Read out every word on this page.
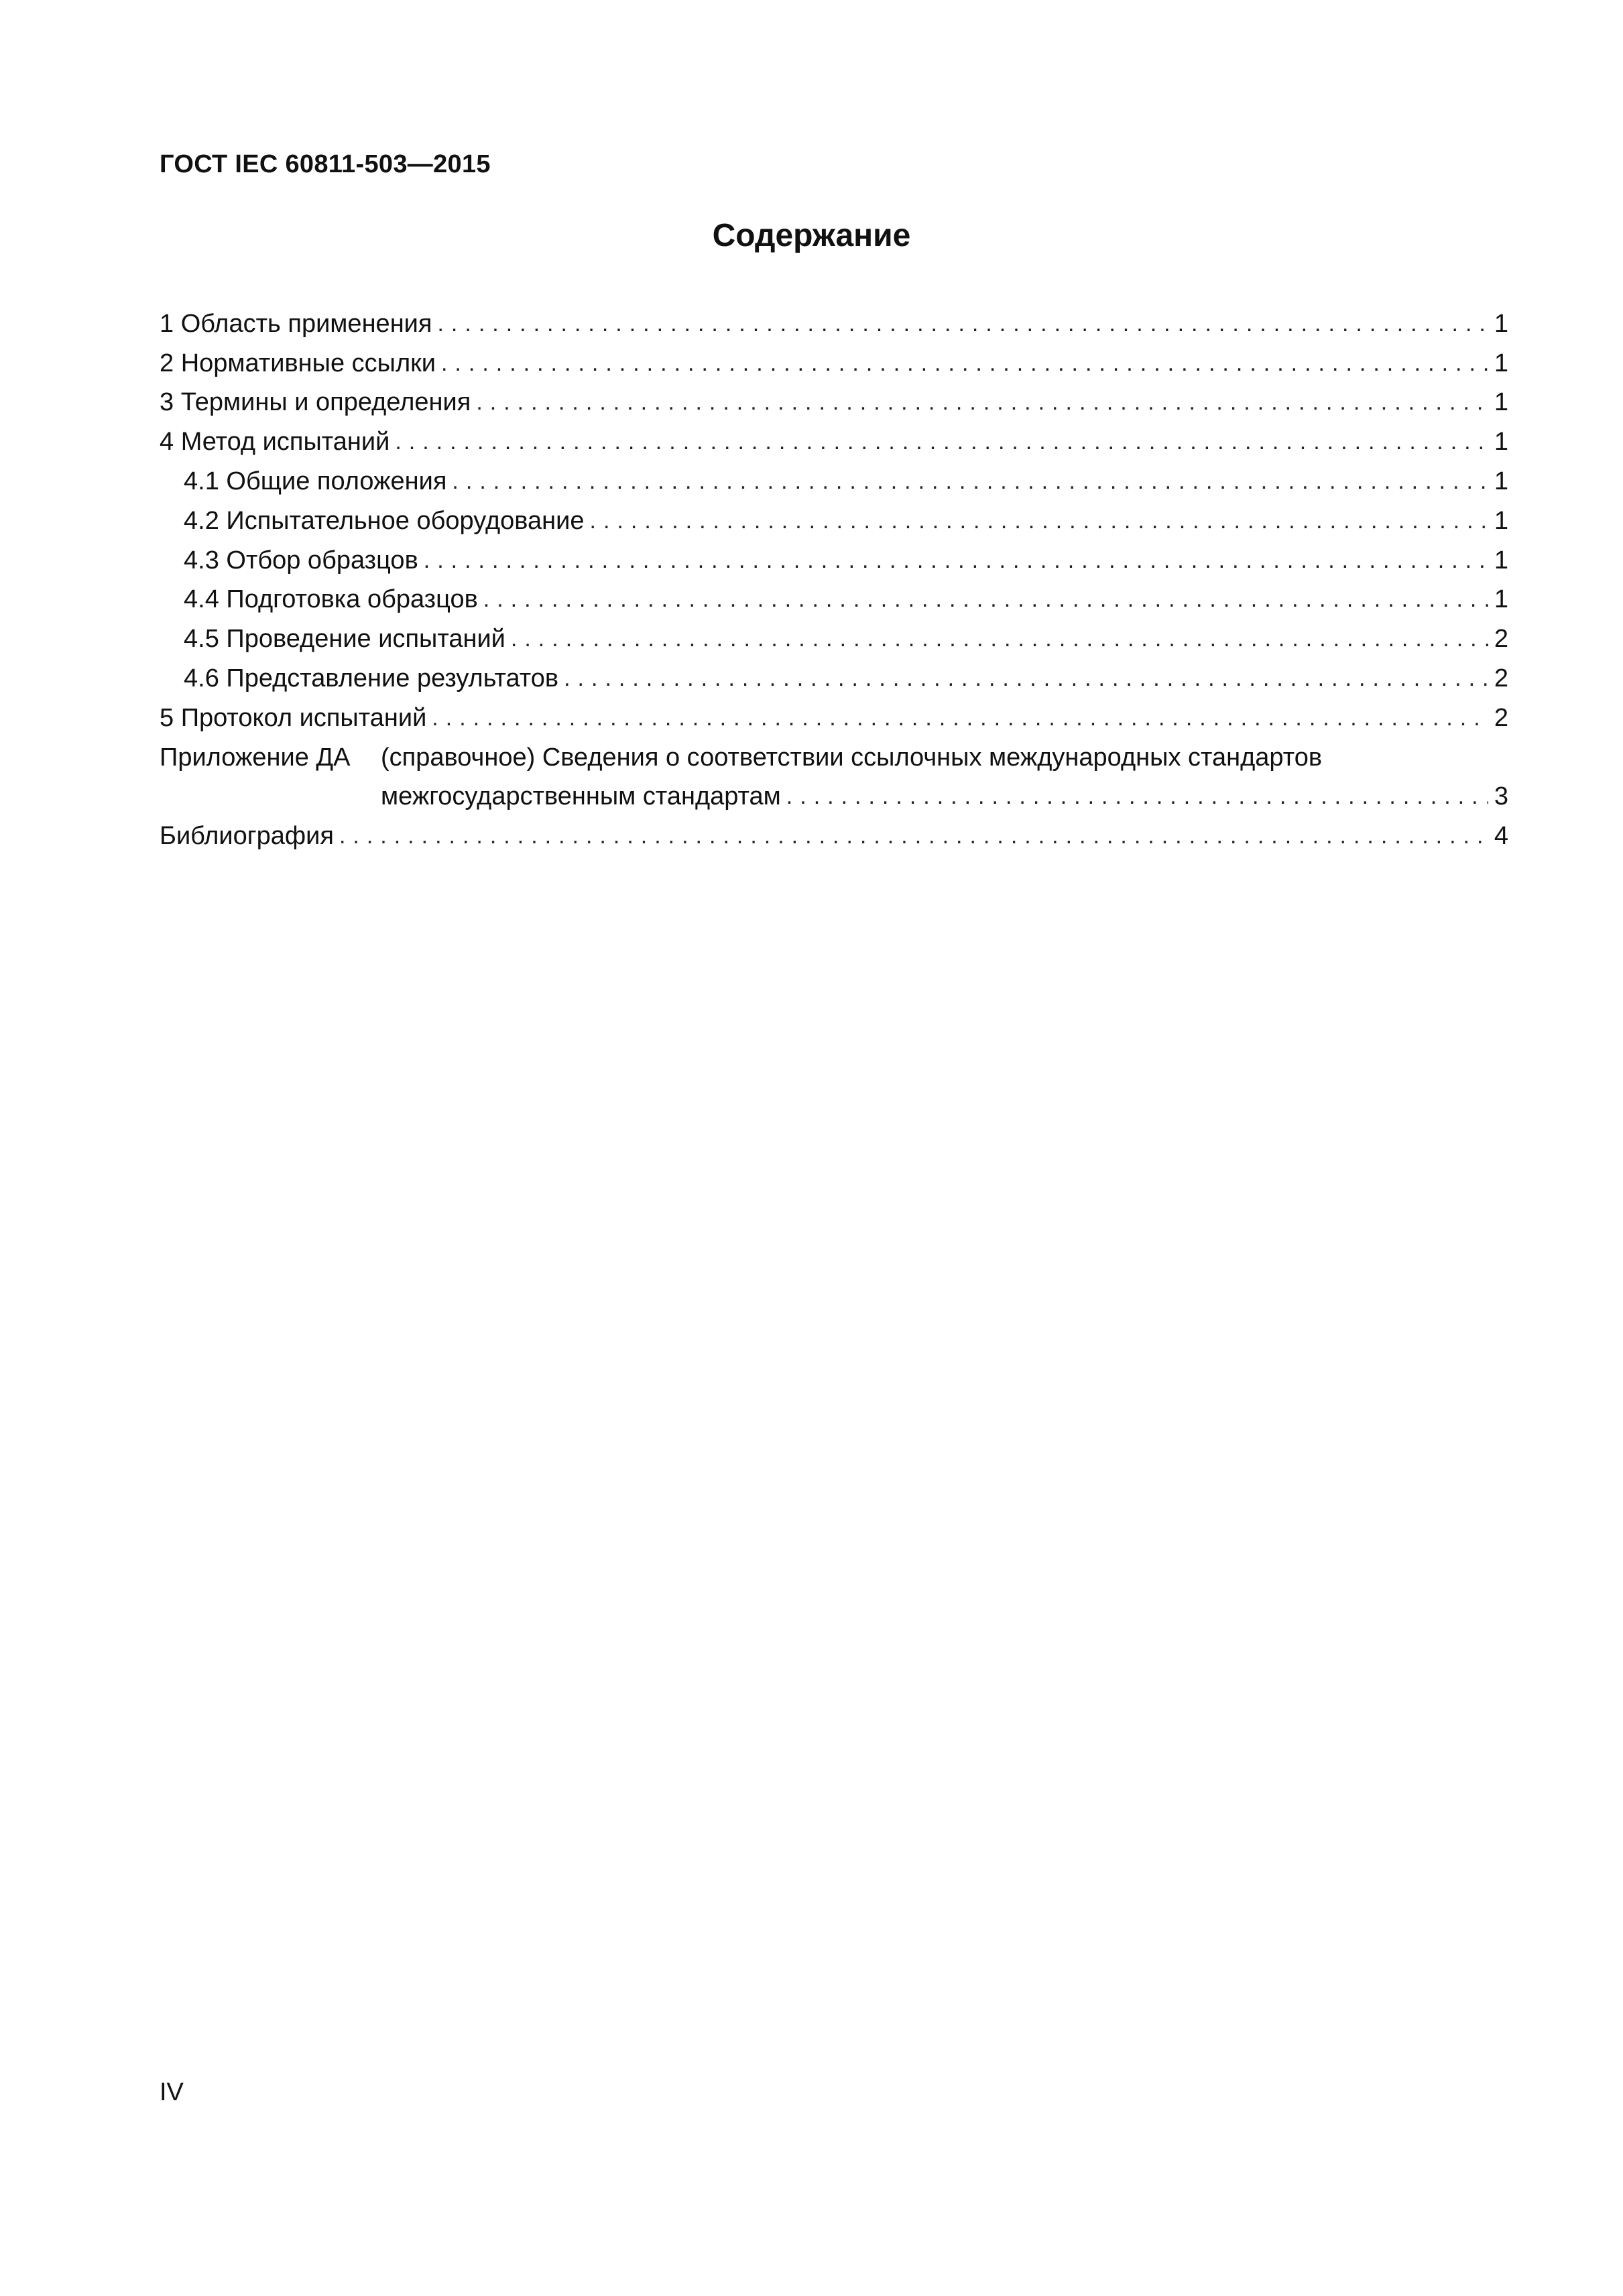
ГОСТ IEC 60811-503—2015
Содержание
1 Область применения .....	1
2 Нормативные ссылки .....	1
3 Термины и определения .....	1
4 Метод испытаний .....	1
4.1 Общие положения .....	1
4.2 Испытательное оборудование .....	1
4.3 Отбор образцов .....	1
4.4 Подготовка образцов .....	1
4.5 Проведение испытаний .....	2
4.6 Представление результатов .....	2
5 Протокол испытаний .....	2
Приложение ДА	(справочное) Сведения о соответствии ссылочных международных стандартов
межгосударственным стандартам .....	3
Библиография .....	4
IV
